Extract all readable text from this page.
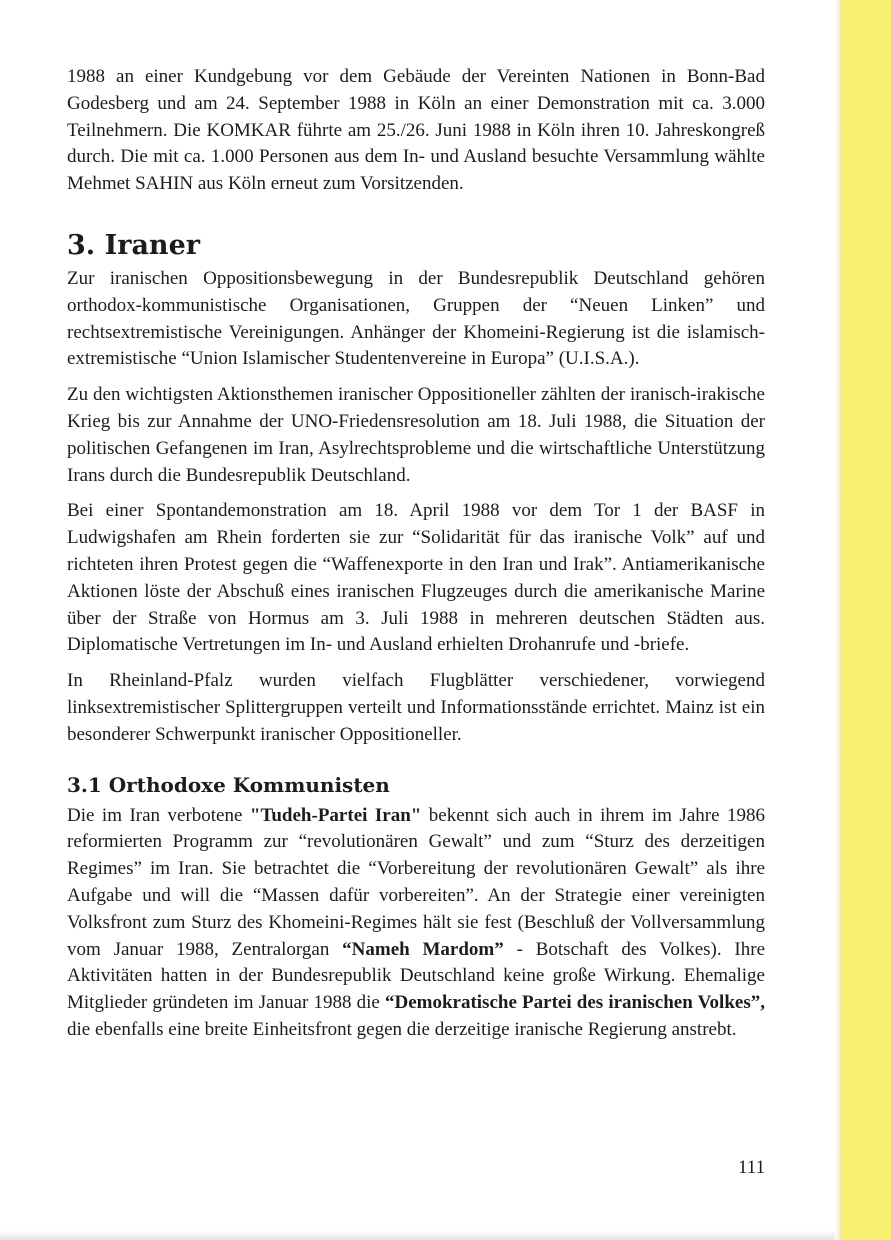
1988 an einer Kundgebung vor dem Gebäude der Vereinten Nationen in Bonn-Bad Godesberg und am 24. September 1988 in Köln an einer Demonstration mit ca. 3.000 Teilnehmern. Die KOMKAR führte am 25./26. Juni 1988 in Köln ihren 10. Jahreskongreß durch. Die mit ca. 1.000 Personen aus dem In- und Ausland besuchte Versammlung wählte Mehmet SAHIN aus Köln erneut zum Vorsitzenden.

3. Iraner

Zur iranischen Oppositionsbewegung in der Bundesrepublik Deutschland gehören orthodox-kommunistische Organisationen, Gruppen der “Neuen Linken” und rechtsextremistische Vereinigungen. Anhänger der Khomeini-Regierung ist die islamisch-extremistische “Union Islamischer Studentenvereine in Europa” (U.I.S.A.).

Zu den wichtigsten Aktionsthemen iranischer Oppositioneller zählten der iranisch-irakische Krieg bis zur Annahme der UNO-Friedensresolution am 18. Juli 1988, die Situation der politischen Gefangenen im Iran, Asylrechtsprobleme und die wirtschaftliche Unterstützung Irans durch die Bundesrepublik Deutschland.

Bei einer Spontandemonstration am 18. April 1988 vor dem Tor 1 der BASF in Ludwigshafen am Rhein forderten sie zur “Solidarität für das iranische Volk” auf und richteten ihren Protest gegen die “Waffenexporte in den Iran und Irak”. Antiamerikanische Aktionen löste der Abschuß eines iranischen Flugzeuges durch die amerikanische Marine über der Straße von Hormus am 3. Juli 1988 in mehreren deutschen Städten aus. Diplomatische Vertretungen im In- und Ausland erhielten Drohanrufe und -briefe.

In Rheinland-Pfalz wurden vielfach Flugblätter verschiedener, vorwiegend linksextremistischer Splittergruppen verteilt und Informationsstände errichtet. Mainz ist ein besonderer Schwerpunkt iranischer Oppositioneller.

3.1 Orthodoxe Kommunisten

Die im Iran verbotene "Tudeh-Partei Iran" bekennt sich auch in ihrem im Jahre 1986 reformierten Programm zur “revolutionären Gewalt” und zum “Sturz des derzeitigen Regimes” im Iran. Sie betrachtet die “Vorbereitung der revolutionären Gewalt” als ihre Aufgabe und will die “Massen dafür vorbereiten”. An der Strategie einer vereinigten Volksfront zum Sturz des Khomeini-Regimes hält sie fest (Beschluß der Vollversammlung vom Januar 1988, Zentralorgan “Nameh Mardom” - Botschaft des Volkes). Ihre Aktivitäten hatten in der Bundesrepublik Deutschland keine große Wirkung. Ehemalige Mitglieder gründeten im Januar 1988 die “Demokratische Partei des iranischen Volkes”, die ebenfalls eine breite Einheitsfront gegen die derzeitige iranische Regierung anstrebt.

111
